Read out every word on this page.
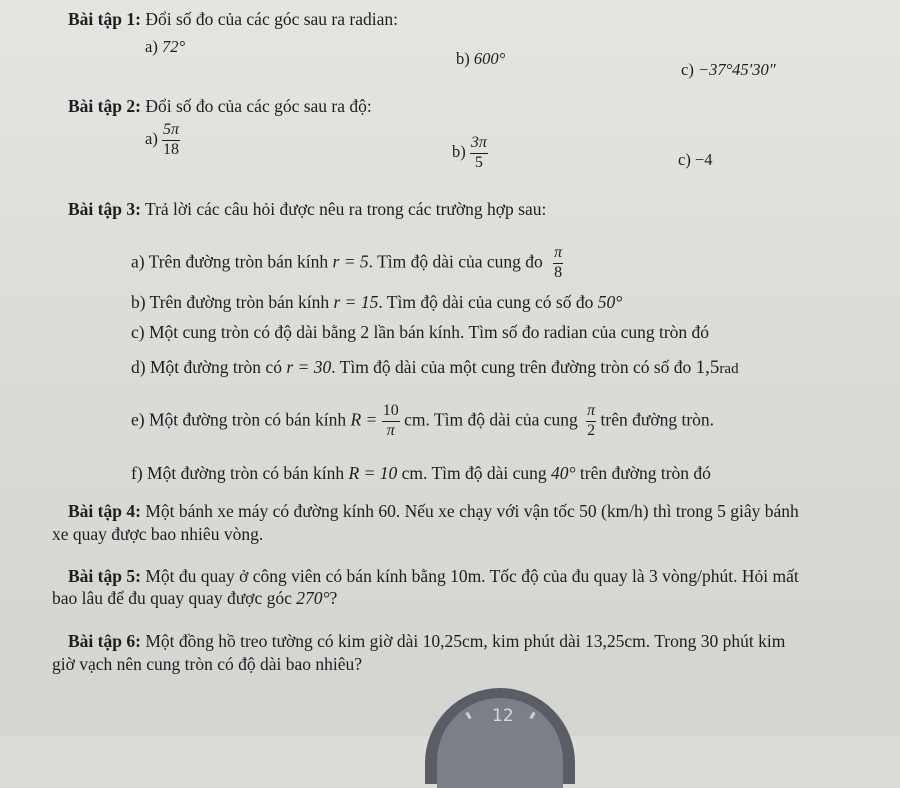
Bài tập 1: Đổi số đo của các góc sau ra radian:
a) 72°
b) 600°
c) −37°45′30″
Bài tập 2: Đổi số đo của các góc sau ra độ:
$a) \frac{5\pi}{18}$	$b) \frac{3\pi}{5}$	c) −4
Bài tập 3: Trả lời các câu hỏi được nêu ra trong các trường hợp sau:
a) Trên đường tròn bán kính r = 5. Tìm độ dài của cung đo $\frac{\pi}{8}$
b) Trên đường tròn bán kính r = 15. Tìm độ dài của cung có số đo 50°
c) Một cung tròn có độ dài bằng 2 lần bán kính. Tìm số đo radian của cung tròn đó
d) Một đường tròn có r = 30. Tìm độ dài của một cung trên đường tròn có số đo 1,5rad
e) Một đường tròn có bán kính $R = \frac{10}{\pi}$ cm. Tìm độ dài của cung $\frac{\pi}{2}$ trên đường tròn.
f) Một đường tròn có bán kính R = 10 cm. Tìm độ dài cung 40° trên đường tròn đó
Bài tập 4: Một bánh xe máy có đường kính 60. Nếu xe chạy với vận tốc 50 (km/h) thì trong 5 giây bánh
xe quay được bao nhiêu vòng.
Bài tập 5: Một đu quay ở công viên có bán kính bằng 10m. Tốc độ của đu quay là 3 vòng/phút. Hỏi mất
bao lâu để đu quay quay được góc 270°?
Bài tập 6: Một đồng hồ treo tường có kim giờ dài 10,25cm, kim phút dài 13,25cm. Trong 30 phút kim
giờ vạch nên cung tròn có độ dài bao nhiêu?
12
